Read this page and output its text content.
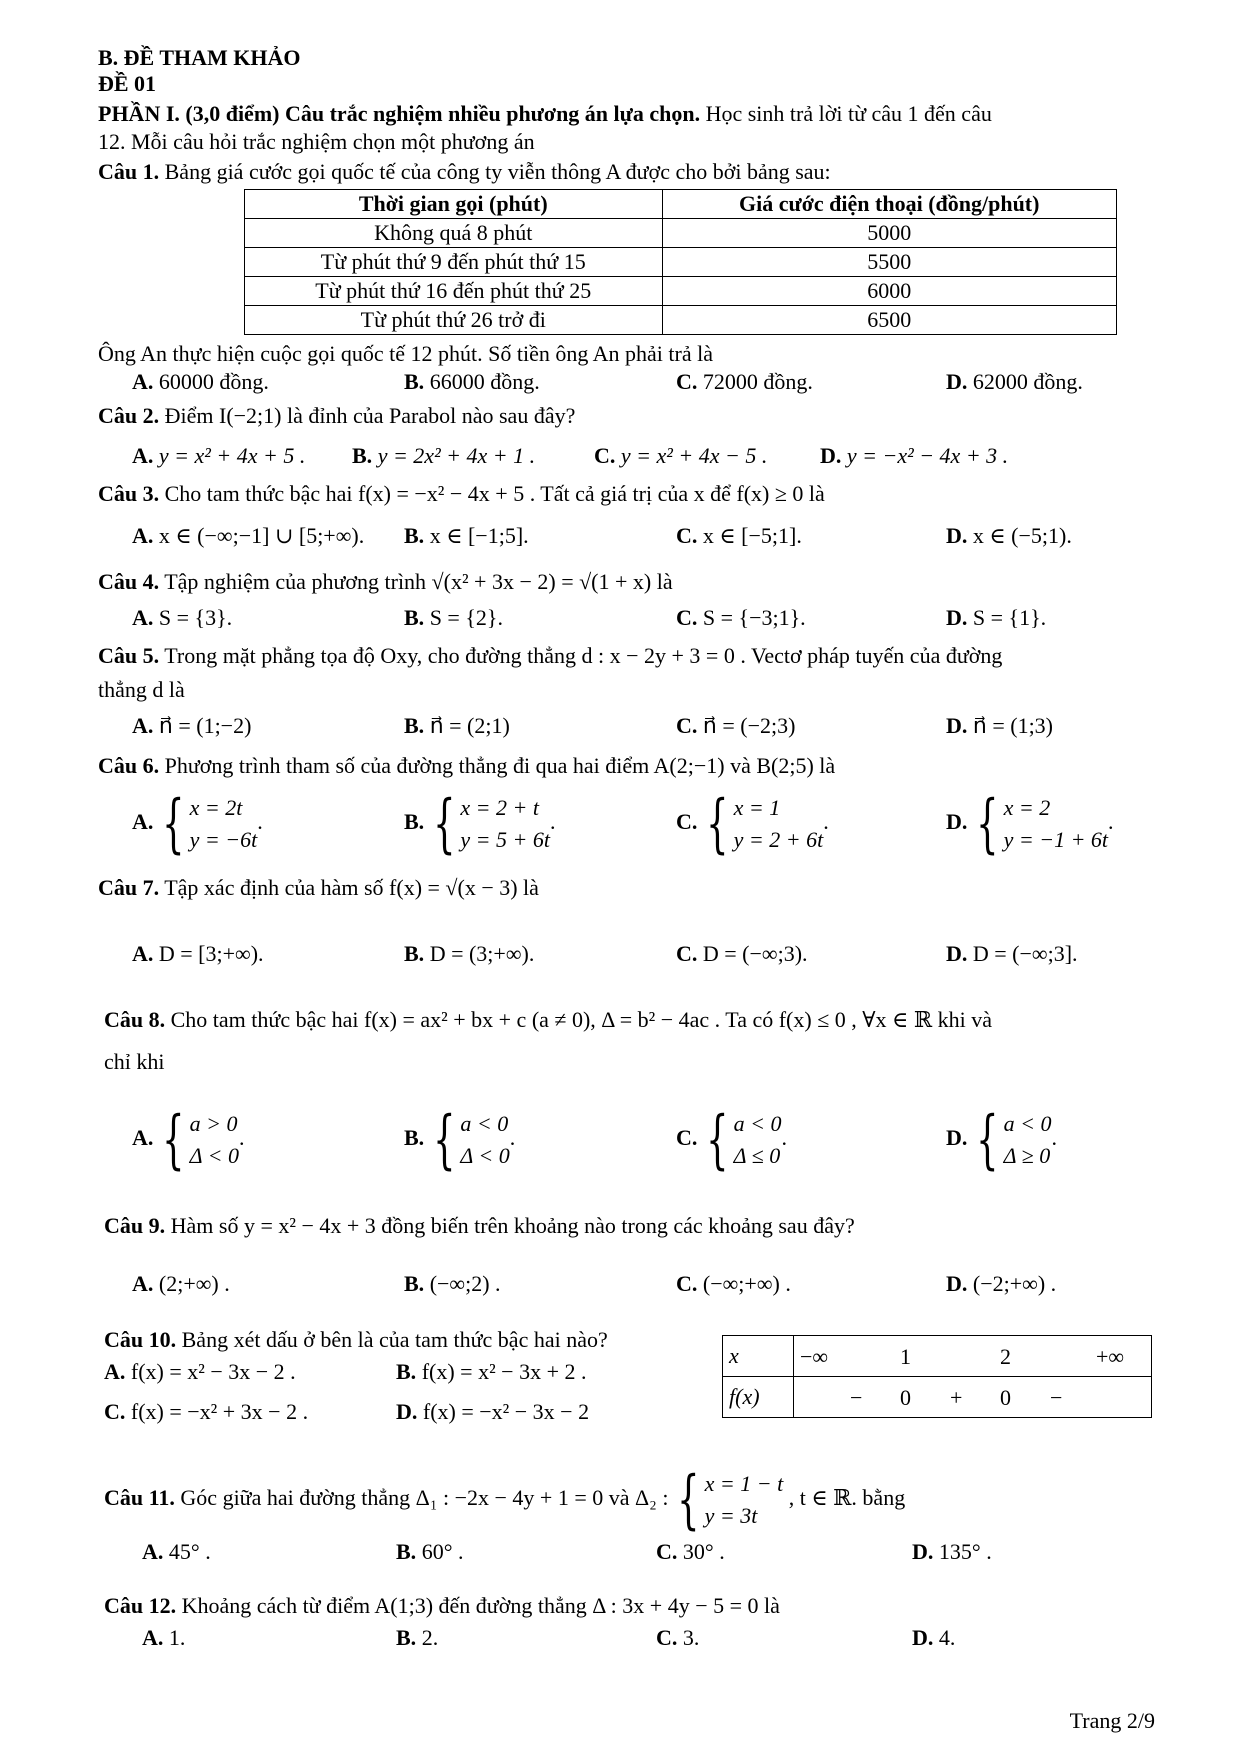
B. ĐỀ THAM KHẢO
ĐỀ 01
PHẦN I. (3,0 điểm) Câu trắc nghiệm nhiều phương án lựa chọn. Học sinh trả lời từ câu 1 đến câu
12. Mỗi câu hỏi trắc nghiệm chọn một phương án
Câu 1. Bảng giá cước gọi quốc tế của công ty viễn thông A được cho bởi bảng sau:
Thời gian gọi (phút)	Giá cước điện thoại (đồng/phút)
Không quá 8 phút	5000
Từ phút thứ 9 đến phút thứ 15	5500
Từ phút thứ 16 đến phút thứ 25	6000
Từ phút thứ 26 trở đi	6500
Ông An thực hiện cuộc gọi quốc tế 12 phút. Số tiền ông An phải trả là
A. 60000 đồng.	B. 66000 đồng.	C. 72000 đồng.	D. 62000 đồng.
Câu 2. Điểm I(−2;1) là đỉnh của Parabol nào sau đây?
A. y = x² + 4x + 5 . B. y = 2x² + 4x + 1 .	C. y = x² + 4x − 5 . D. y = −x² − 4x + 3 .
Câu 3. Cho tam thức bậc hai f(x) = −x² − 4x + 5 . Tất cả giá trị của x để f(x) ≥ 0 là
A. x ∈ (−∞;−1] ∪ [5;+∞). B. x ∈ [−1;5].	C. x ∈ [−5;1].	D. x ∈ (−5;1).
Câu 4. Tập nghiệm của phương trình √(x² + 3x − 2) = √(1 + x) là
A. S = {3}.	B. S = {2}.	C. S = {−3;1}.	D. S = {1}.
Câu 5. Trong mặt phẳng tọa độ Oxy, cho đường thẳng d : x − 2y + 3 = 0 . Vectơ pháp tuyến của đường
thẳng d là
A. n⃗ = (1;−2)	B. n⃗ = (2;1)	C. n⃗ = (−2;3)	D. n⃗ = (1;3)
Câu 6. Phương trình tham số của đường thẳng đi qua hai điểm A(2;−1) và B(2;5) là
A. { x = 2t
y = −6t
.	B. { x = 2 + t
y = 5 + 6t
.	C. { x = 1
y = 2 + 6t
.	D. { x = 2
y = −1 + 6t
.
Câu 7. Tập xác định của hàm số f(x) = √(x − 3) là
A. D = [3;+∞).	B. D = (3;+∞).	C. D = (−∞;3).	D. D = (−∞;3].
Câu 8. Cho tam thức bậc hai f(x) = ax² + bx + c (a ≠ 0), Δ = b² − 4ac . Ta có f(x) ≤ 0 , ∀x ∈ ℝ khi và
chỉ khi
A. { a > 0
Δ < 0
.	B. { a < 0
Δ < 0
.	C. { a < 0
Δ ≤ 0
.	D. { a < 0
Δ ≥ 0
.
Câu 9. Hàm số y = x² − 4x + 3 đồng biến trên khoảng nào trong các khoảng sau đây?
A. (2;+∞) .	B. (−∞;2) .	C. (−∞;+∞) .	D. (−2;+∞) .
Câu 10. Bảng xét dấu ở bên là của tam thức bậc hai nào?
A. f(x) = x² − 3x − 2 .	B. f(x) = x² − 3x + 2 .
C. f(x) = −x² + 3x − 2 .	D. f(x) = −x² − 3x − 2
x	−∞ 1 2 +∞

f(x)	− 0 + 0 −
Câu 11. Góc giữa hai đường thẳng Δ₁ : −2x − 4y + 1 = 0 và Δ₂ : { x = 1 − t
y = 3t
, t ∈ ℝ. bằng
A. 45° .	B. 60° .	C. 30° .	D. 135° .
Câu 12. Khoảng cách từ điểm A(1;3) đến đường thẳng Δ : 3x + 4y − 5 = 0 là
A. 1.	B. 2.	C. 3.	D. 4.
Trang 2/9
